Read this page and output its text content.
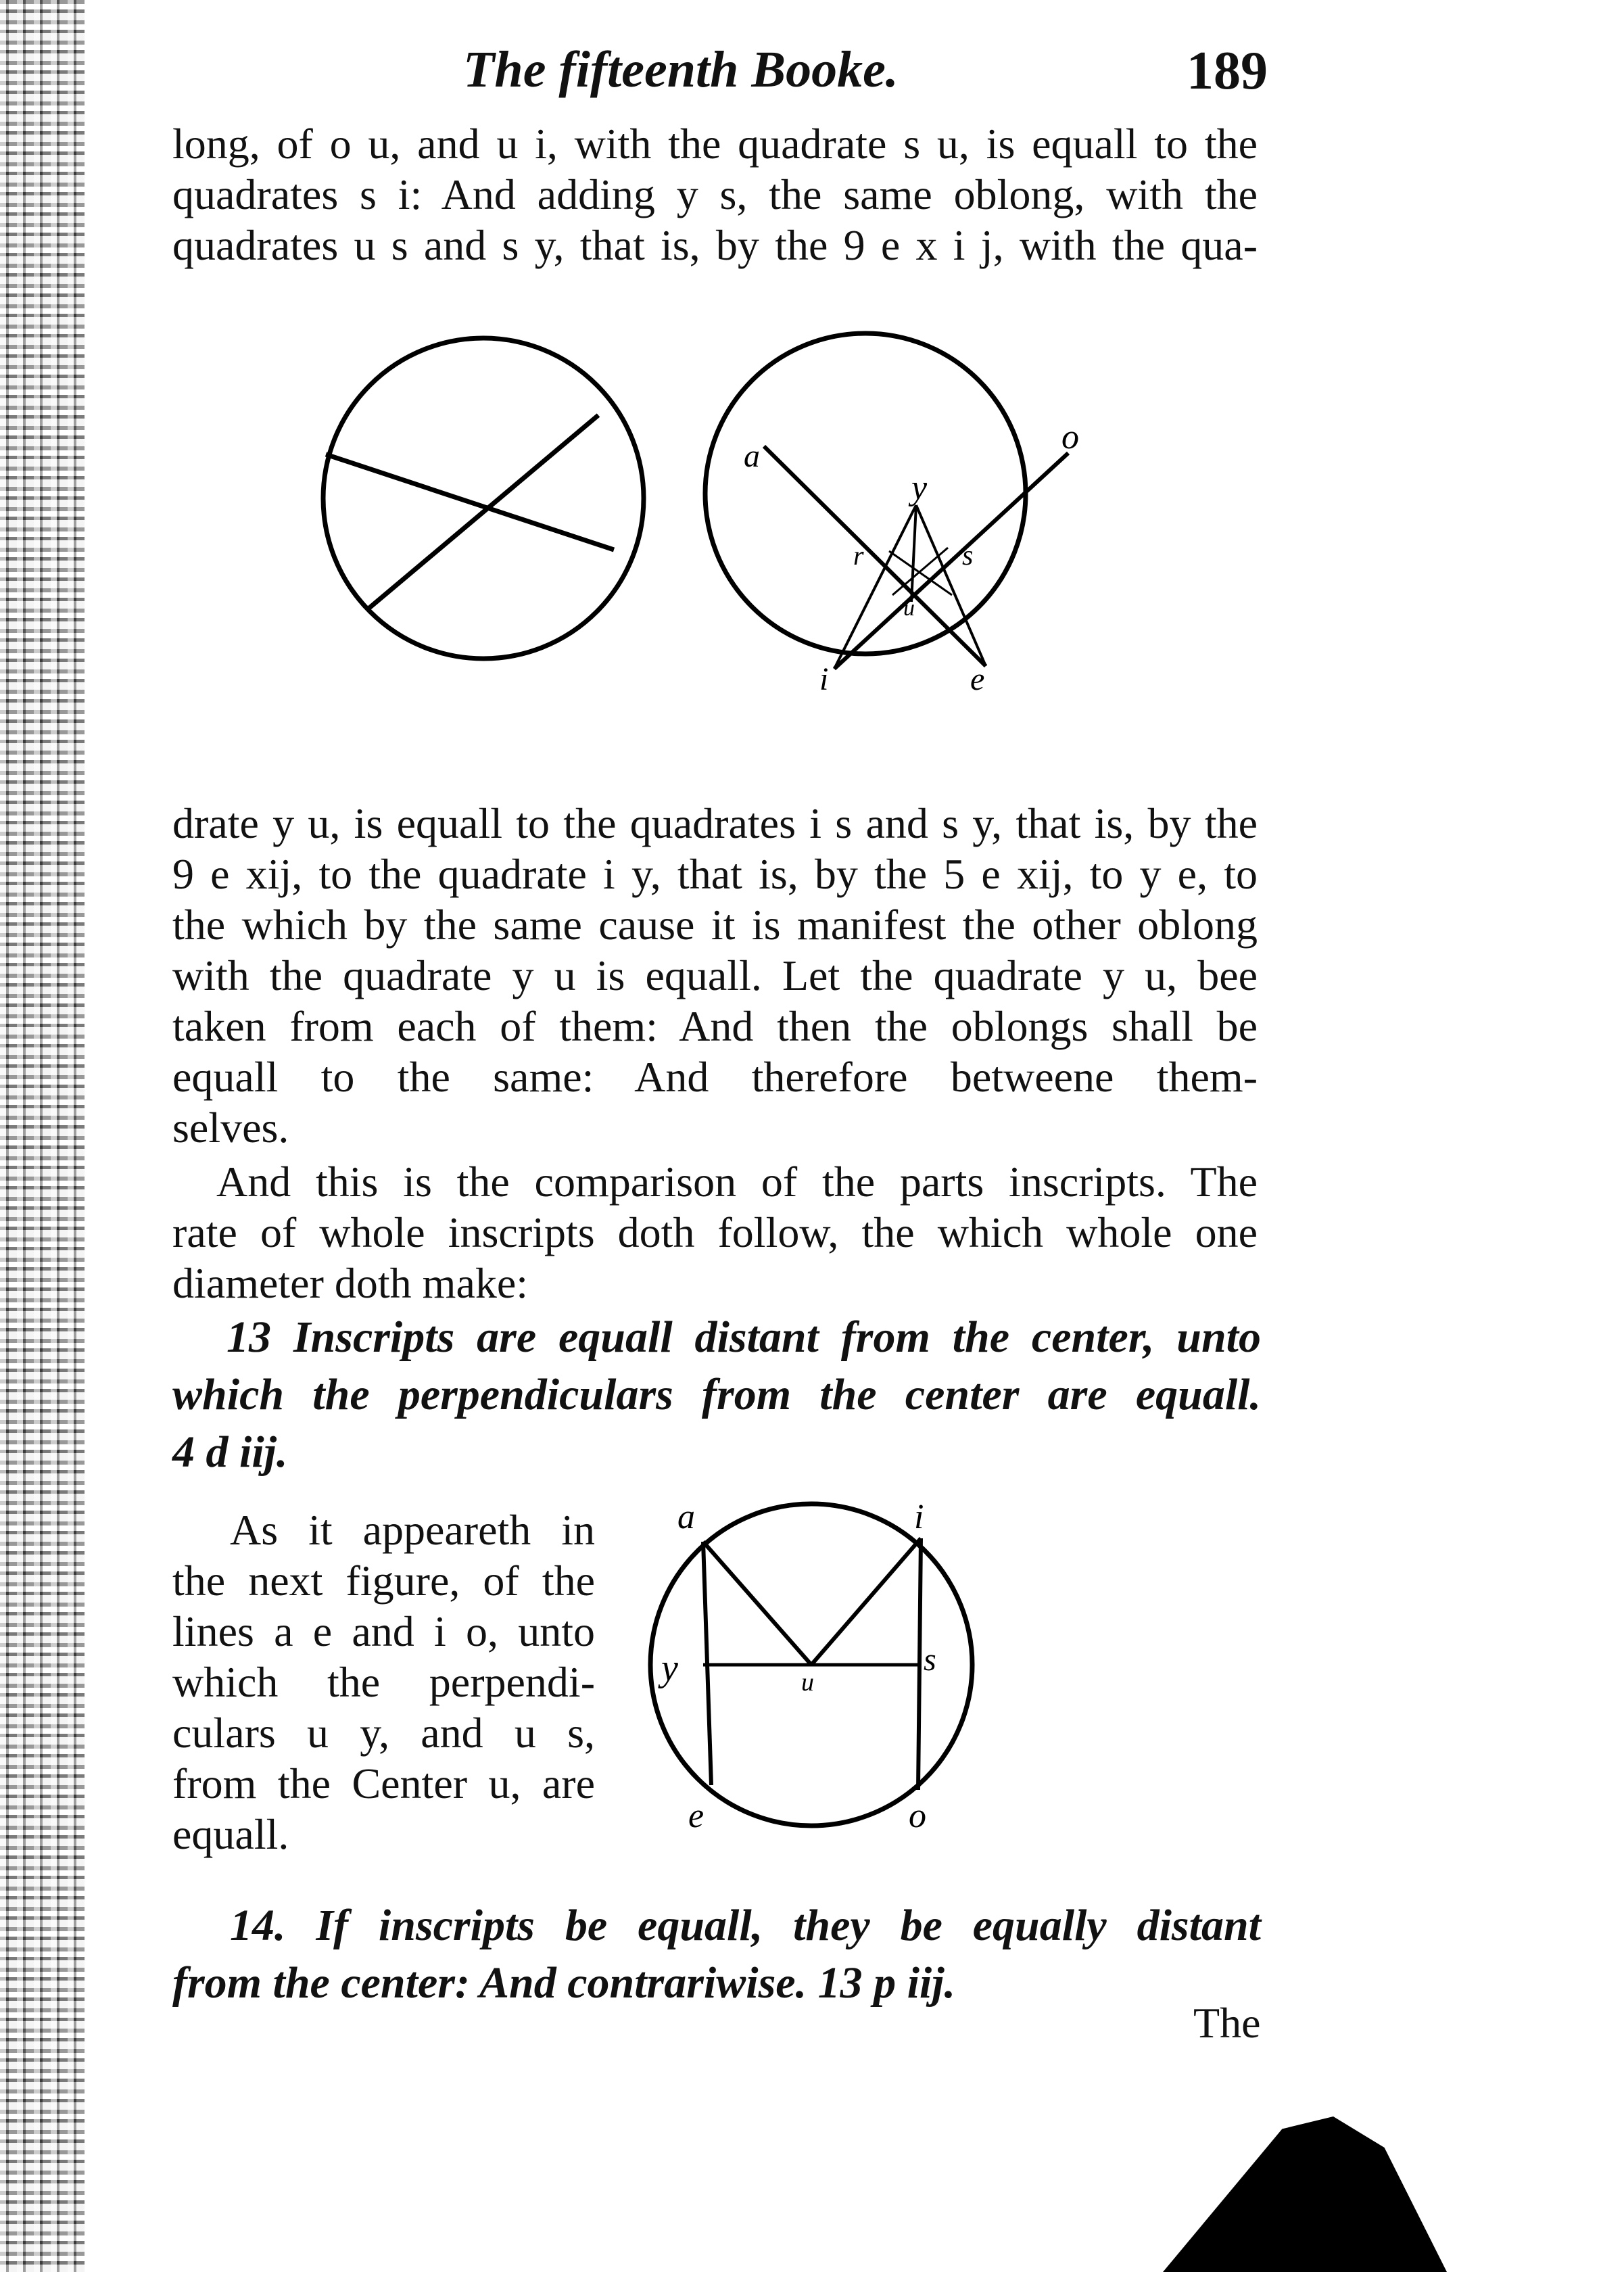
The fifteenth Booke.	189
long, of o u, and u i, with the quadrate s u, is equall to the
quadrates s i: And adding y s, the same oblong, with the
quadrates u s and s y, that is, by the 9 e x i j, with the qua-
a	o
y
r	s
u
i	e
drate y u, is equall to the quadrates i s and s y, that is, by the
9 e xij, to the quadrate i y, that is, by the 5 e xij, to y e, to
the which by the same cause it is manifest the other oblong
with the quadrate y u is equall. Let the quadrate y u, bee
taken from each of them: And then the oblongs shall be
equall to the same: And therefore betweene them-
selves.
And this is the comparison of the parts inscripts. The
rate of whole inscripts doth follow, the which whole one
diameter doth make:
13 Inscripts are equall distant from the center, unto
which the perpendiculars from the center are equall.
4 d iij.
As it appeareth in
the next figure, of the
lines a e and i o, unto
which the perpendi-
culars u y, and u s,
from the Center u, are
equall.
a	i
y	s
u
e	o
14. If inscripts be equall, they be equally distant
from the center: And contrariwise. 13 p iij.
The
